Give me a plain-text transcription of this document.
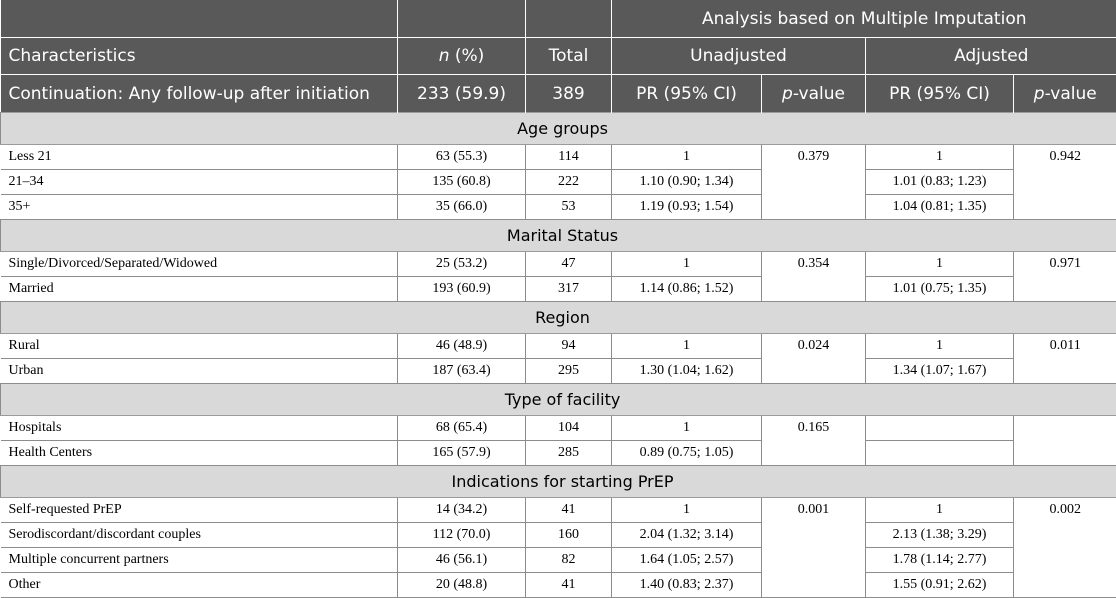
			Analysis based on Multiple Imputation			
Characteristics	n (%)	Total	Unadjusted		Adjusted	
Continuation: Any follow-up after initiation	233 (59.9)	389	PR (95% CI)	p-value	PR (95% CI)	p-value
Age groups						
Less 21	63 (55.3)	114	1	0.379	1	0.942
21–34	135 (60.8)	222	1.10 (0.90; 1.34)		1.01 (0.83; 1.23)	
35+	35 (66.0)	53	1.19 (0.93; 1.54)		1.04 (0.81; 1.35)	
Marital Status						
Single/Divorced/Separated/Widowed	25 (53.2)	47	1	0.354	1	0.971
Married	193 (60.9)	317	1.14 (0.86; 1.52)		1.01 (0.75; 1.35)	
Region						
Rural	46 (48.9)	94	1	0.024	1	0.011
Urban	187 (63.4)	295	1.30 (1.04; 1.62)		1.34 (1.07; 1.67)	
Type of facility						
Hospitals	68 (65.4)	104	1	0.165		
Health Centers	165 (57.9)	285	0.89 (0.75; 1.05)			
Indications for starting PrEP						
Self-requested PrEP	14 (34.2)	41	1	0.001	1	0.002
Serodiscordant/discordant couples	112 (70.0)	160	2.04 (1.32; 3.14)		2.13 (1.38; 3.29)	
Multiple concurrent partners	46 (56.1)	82	1.64 (1.05; 2.57)		1.78 (1.14; 2.77)	
Other	20 (48.8)	41	1.40 (0.83; 2.37)		1.55 (0.91; 2.62)	
